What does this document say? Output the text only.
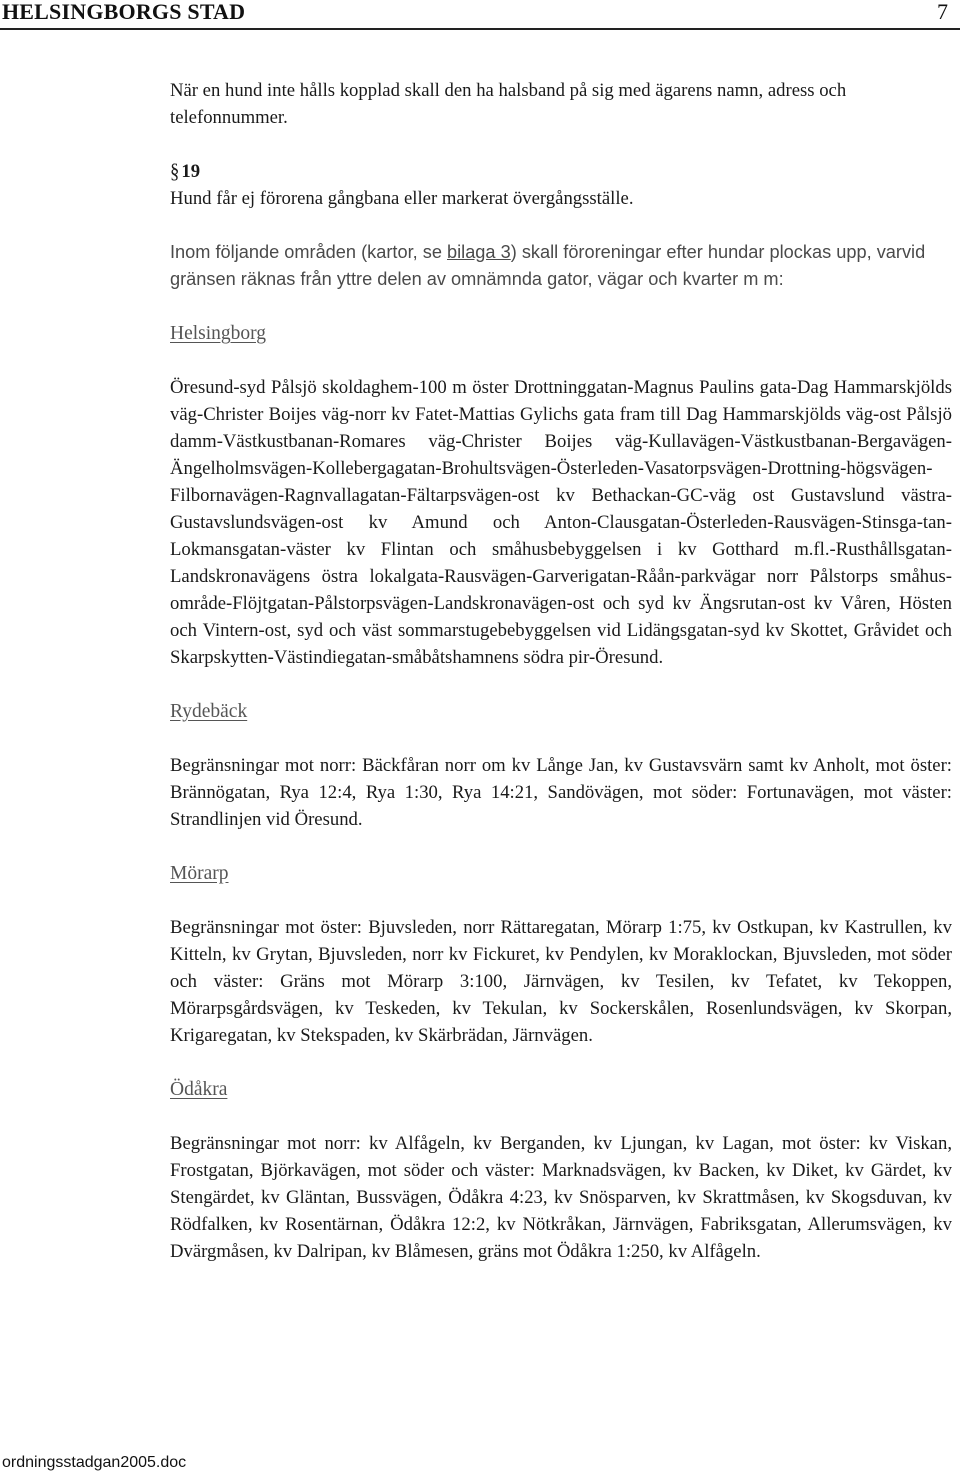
HELSINGBORGS STAD	7

När en hund inte hålls kopplad skall den ha halsband på sig med ägarens namn, adress och telefonnummer.

§ 19

Hund får ej förorena gångbana eller markerat övergångsställe.

Inom följande områden (kartor, se bilaga 3) skall föroreningar efter hundar plockas upp, varvid gränsen räknas från yttre delen av omnämnda gator, vägar och kvarter m m:

Helsingborg

Öresund-syd Pålsjö skoldaghem-100 m öster Drottninggatan-Magnus Paulins gata-Dag Hammarskjölds väg-Christer Boijes väg-norr kv Fatet-Mattias Gylichs gata fram till Dag Hammarskjölds väg-ost Pålsjö damm-Västkustbanan-Romares väg-Christer Boijes väg-Kullavägen-Västkustbanan-Bergavägen-Ängelholmsvägen-Kollebergagatan-Brohultsvägen-Österleden-Vasatorpsvägen-Drottning-högsvägen-Filbornavägen-Ragnvallagatan-Fältarpsvägen-ost kv Bethackan-GC-väg ost Gustavslund västra-Gustavslundsvägen-ost kv Amund och Anton-Clausgatan-Österleden-Rausvägen-Stinsga-tan-Lokmansgatan-väster kv Flintan och småhusbebyggelsen i kv Gotthard m.fl.-Rusthållsgatan-Landskronavägens östra lokalgata-Rausvägen-Garverigatan-Råån-parkvägar norr Pålstorps småhus-område-Flöjtgatan-Pålstorpsvägen-Landskronavägen-ost och syd kv Ängsrutan-ost kv Våren, Hösten och Vintern-ost, syd och väst sommarstugebebyggelsen vid Lidängsgatan-syd kv Skottet, Gråvidet och Skarpskytten-Västindiegatan-småbåtshamnens södra pir-Öresund.

Rydebäck

Begränsningar mot norr: Bäckfåran norr om kv Långe Jan, kv Gustavsvärn samt kv Anholt, mot öster: Brännögatan, Rya 12:4, Rya 1:30, Rya 14:21, Sandövägen, mot söder: Fortunavägen, mot väster: Strandlinjen vid Öresund.

Mörarp

Begränsningar mot öster: Bjuvsleden, norr Rättaregatan, Mörarp 1:75, kv Ostkupan, kv Kastrullen, kv Kitteln, kv Grytan, Bjuvsleden, norr kv Fickuret, kv Pendylen, kv Moraklockan, Bjuvsleden, mot söder och väster: Gräns mot Mörarp 3:100, Järnvägen, kv Tesilen, kv Tefatet, kv Tekoppen, Mörarpsgårdsvägen, kv Teskeden, kv Tekulan, kv Sockerskålen, Rosenlundsvägen, kv Skorpan, Krigaregatan, kv Stekspaden, kv Skärbrädan, Järnvägen.

Ödåkra

Begränsningar mot norr: kv Alfågeln, kv Berganden, kv Ljungan, kv Lagan, mot öster: kv Viskan, Frostgatan, Björkavägen, mot söder och väster: Marknadsvägen, kv Backen, kv Diket, kv Gärdet, kv Stengärdet, kv Gläntan, Bussvägen, Ödåkra 4:23, kv Snösparven, kv Skrattmåsen, kv Skogsduvan, kv Rödfalken, kv Rosentärnan, Ödåkra 12:2, kv Nötkråkan, Järnvägen, Fabriksgatan, Allerumsvägen, kv Dvärgmåsen, kv Dalripan, kv Blåmesen, gräns mot Ödåkra 1:250, kv Alfågeln.

ordningsstadgan2005.doc
